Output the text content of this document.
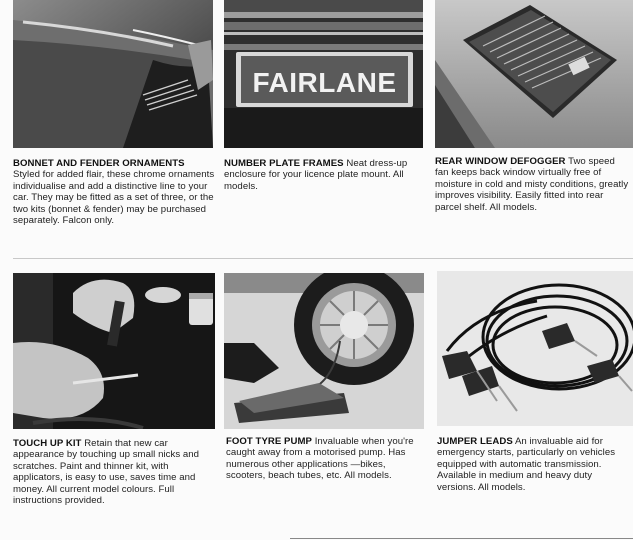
FAIRLANE
BONNET AND FENDER ORNAMENTS
Styled for added flair, these chrome ornaments individualise and add a distinctive line to your car. They may be fitted as a set of three, or the two kits (bonnet & fender) may be purchased separately. Falcon only.
NUMBER PLATE FRAMES Neat dress-up enclosure for your licence plate mount. All models.
REAR WINDOW DEFOGGER Two speed fan keeps back window virtually free of moisture in cold and misty conditions, greatly improves visibility. Easily fitted into rear parcel shelf. All models.
TOUCH UP KIT Retain that new car appearance by touching up small nicks and scratches. Paint and thinner kit, with applicators, is easy to use, saves time and money. All current model colours. Full instructions provided.
FOOT TYRE PUMP Invaluable when you're caught away from a motorised pump. Has numerous other applications —bikes, scooters, beach tubes, etc. All models.
JUMPER LEADS An invaluable aid for emergency starts, particularly on vehicles equipped with automatic transmission. Available in medium and heavy duty versions. All models.
